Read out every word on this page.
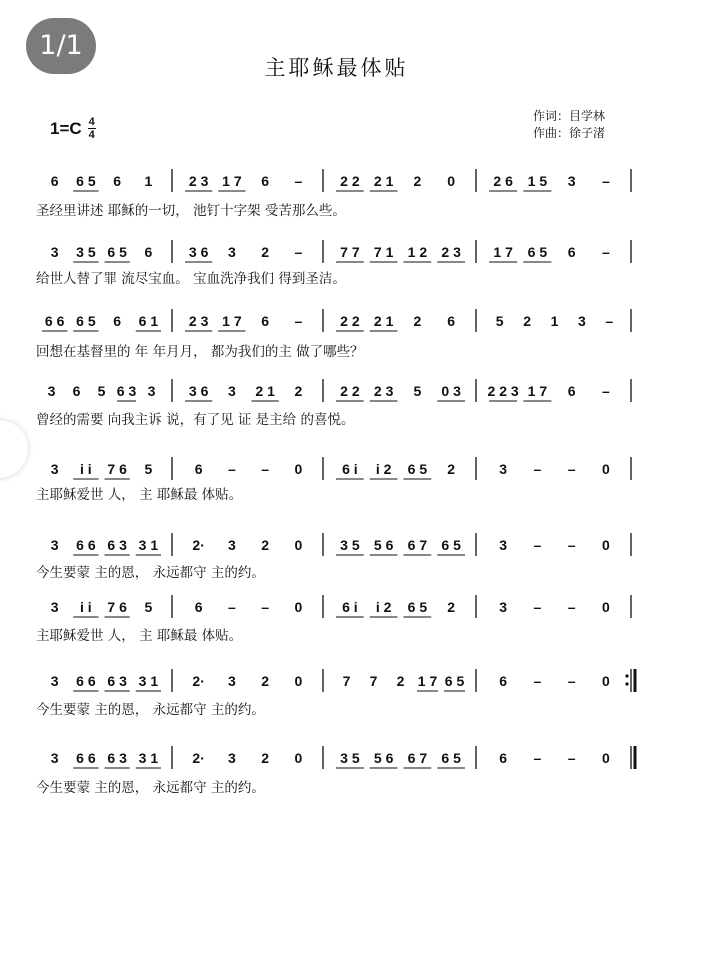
1/1
主耶稣最体贴
1=C 4
4
作词：目学林
作曲：徐子渚
6 6 5 6 1	2 3 1 7 6 –	2 2 2 1 2 0	2 6 1 5 3 –
圣经里讲述 耶稣的一切， 池钉十字架 受苦那么些。
3 3 5 6 5 6	3 6 3 2 –	7 7 7 1 1 2 2 3 1 7 6 5 6 –
给世人替了罪 流尽宝血。 宝血洗净我们 得到圣洁。
6 6 6 5 6 6 1 2 3 1 7 6 –	2 2 2 1 2 6	5 2 1 3 –
回想在基督里的 年 年月月， 都为我们的主 做了哪些？
3 6 5 6 3 3 3 6 3 2 1 2	2 2 2 3 5 0 3 2 2 3 1 7 6 –
曾经的需要 向我主诉 说，有了见 证 是主给 的喜悦。
3 i i 7 6 5	6 – – 0	6 i i 2 6 5 2	3 – – 0
主耶稣爱世 人， 主 耶稣最 体贴。
3 6 6 6 3 3 1 2· 3 2 0	3 5 5 6 6 7 6 5	3 – – 0
今生要蒙 主的恩， 永远都守 主的约。
3 i i 7 6 5	6 – – 0	6 i i 2 6 5 2	3 – – 0
主耶稣爱世 人， 主 耶稣最 体贴。
3 6 6 6 3 3 1 2· 3 2 0	7 7 2 1 7 6 5 6 – – 0
今生要蒙 主的恩， 永远都守 主的约。
3 6 6 6 3 3 1 2· 3 2 0	3 5 5 6 6 7 6 5	6 – – 0
今生要蒙 主的恩， 永远都守 主的约。
